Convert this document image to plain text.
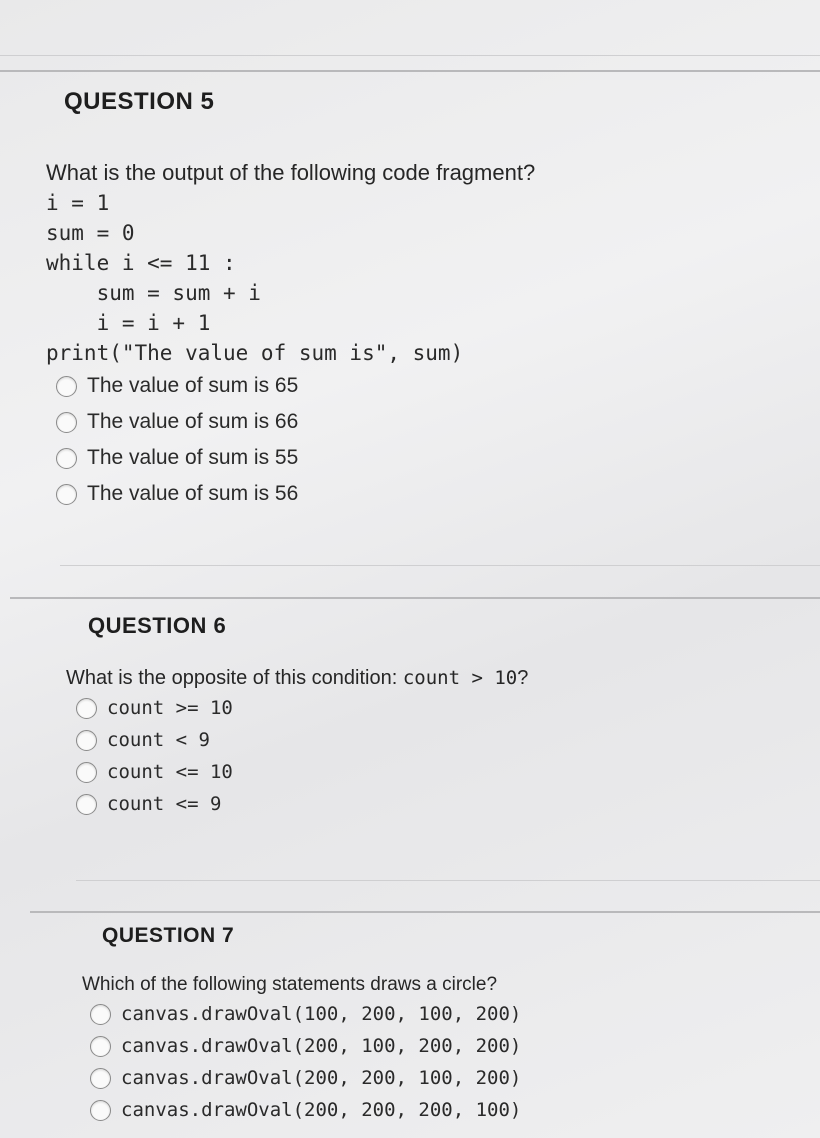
QUESTION 5

What is the output of the following code fragment?

i = 1
sum = 0
while i <= 11 :
sum = sum + i
i = i + 1
print("The value of sum is", sum)
The value of sum is 65
The value of sum is 66
The value of sum is 55
The value of sum is 56
QUESTION 6

What is the opposite of this condition: count > 10?

count >= 10
count < 9
count <= 10
count <= 9
QUESTION 7

Which of the following statements draws a circle?

canvas.drawOval(100, 200, 100, 200)
canvas.drawOval(200, 100, 200, 200)
canvas.drawOval(200, 200, 100, 200)
canvas.drawOval(200, 200, 200, 100)
